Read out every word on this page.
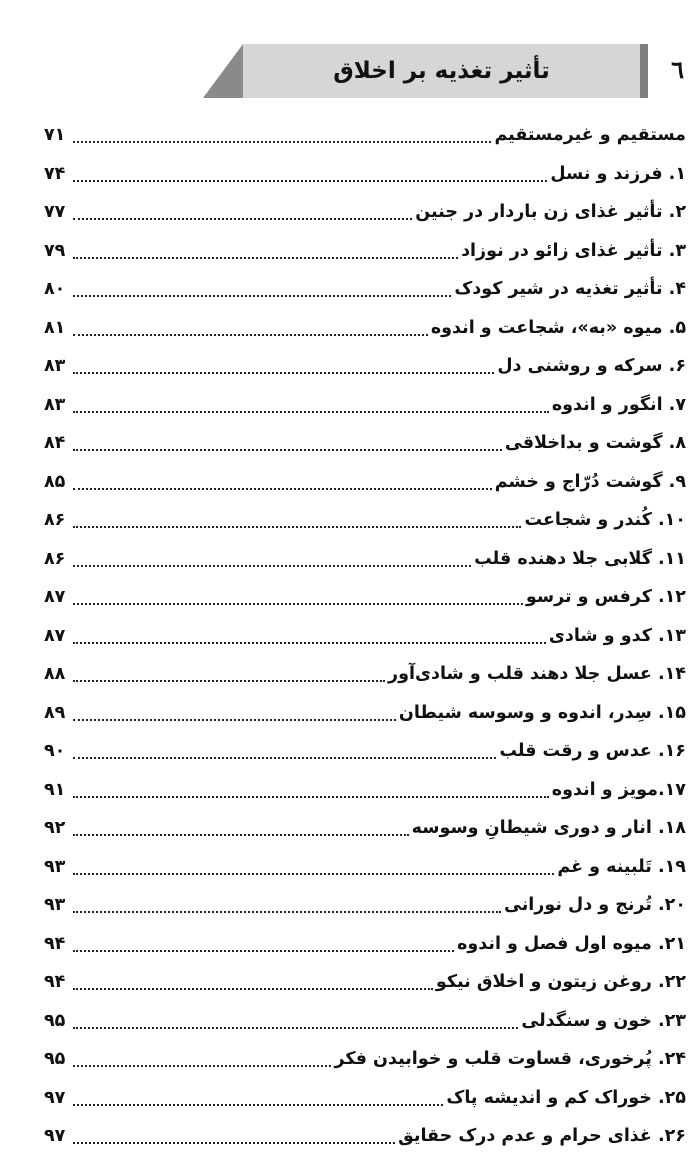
تأثیر تغذیه بر اخلاق	٦
مستقیم و غیرمستقیم
۷۱
۱. فرزند و نسل
۷۴
۲. تأثیر غذای زن باردار در جنین
۷۷
۳. تأثیر غذای زائو در نوزاد
۷۹
۴. تأثیر تغذیه در شیر کودک
۸۰
۵. میوه «به»، شجاعت و اندوه
۸۱
۶. سرکه و روشنی دل
۸۳
۷. انگور و اندوه
۸۳
۸. گوشت و بداخلاقی
۸۴
۹. گوشت دُرّاج و خشم
۸۵
۱۰. کُندر و شجاعت
۸۶
۱۱. گلابی جلا دهنده قلب
۸۶
۱۲. کرفس و ترسو
۸۷
۱۳. کدو و شادی
۸۷
۱۴. عسل جلا دهند قلب و شادی‌آور
۸۸
۱۵. سِدر، اندوه و وسوسه شیطان
۸۹
۱۶. عدس و رقت قلب
۹۰
۱۷.مویز و اندوه
۹۱
۱۸. انار و دوری شیطانِ وسوسه
۹۲
۱۹. تَلبینه و غم
۹۳
۲۰. تُرنج و دل نورانی
۹۳
۲۱. میوه اول فصل و اندوه
۹۴
۲۲. روغن زیتون و اخلاق نیکو
۹۴
۲۳. خون و سنگدلی
۹۵
۲۴. پُرخوری، قساوت قلب و خوابیدن فکر
۹۵
۲۵. خوراک کم و اندیشه پاک
۹۷
۲۶. غذای حرام و عدم درک حقایق
۹۷
